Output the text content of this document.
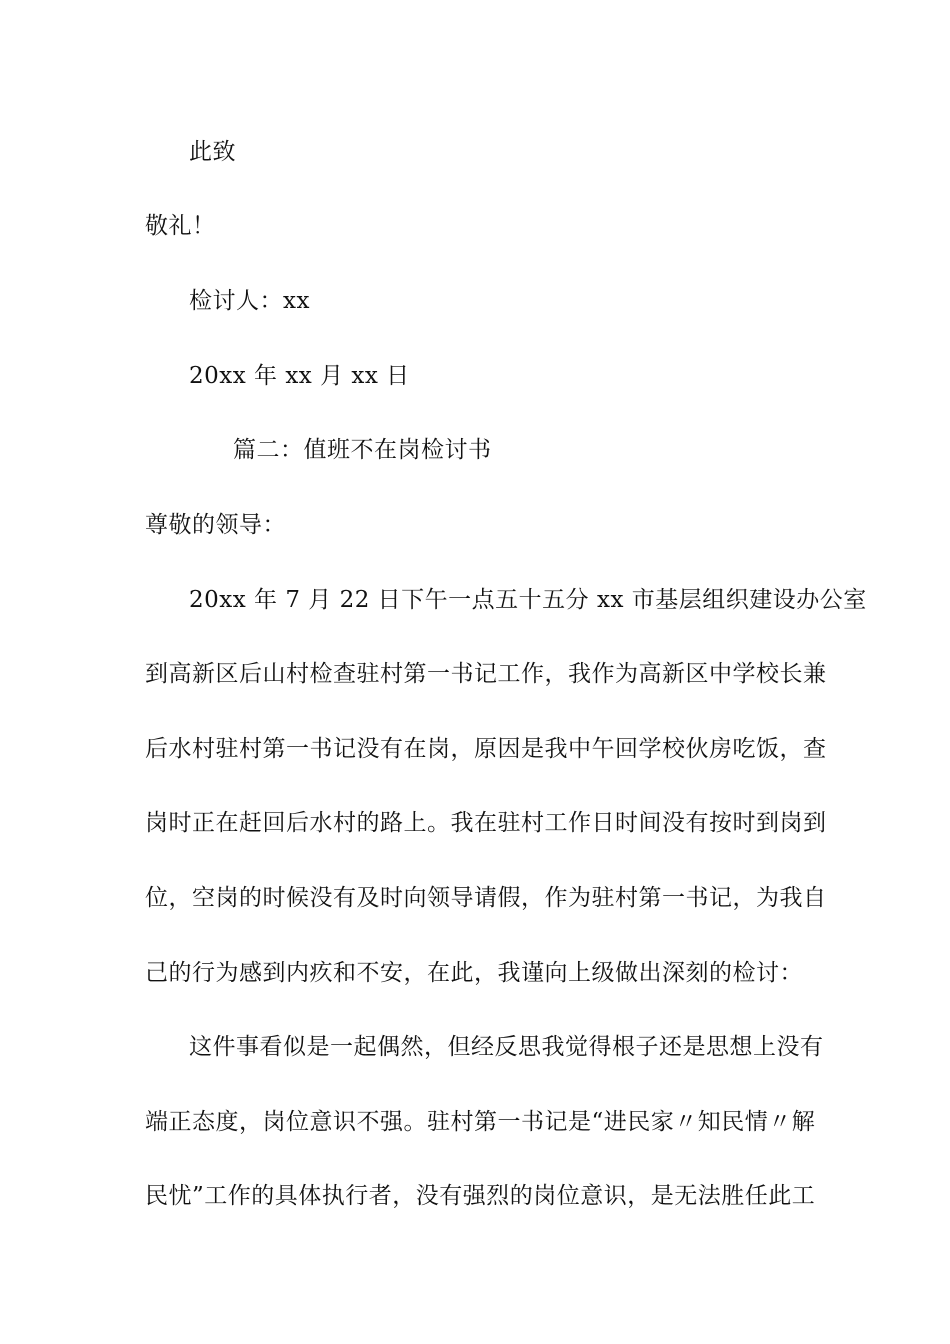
此致
敬礼！
检讨人：xx
20xx 年 xx 月 xx 日
篇二：值班不在岗检讨书
尊敬的领导：
20xx 年 7 月 22 日下午一点五十五分 xx 市基层组织建设办公室
到高新区后山村检查驻村第一书记工作，我作为高新区中学校长兼
后水村驻村第一书记没有在岗，原因是我中午回学校伙房吃饭，查
岗时正在赶回后水村的路上。我在驻村工作日时间没有按时到岗到
位，空岗的时候没有及时向领导请假，作为驻村第一书记，为我自
己的行为感到内疚和不安，在此，我谨向上级做出深刻的检讨：
这件事看似是一起偶然，但经反思我觉得根子还是思想上没有
端正态度，岗位意识不强。驻村第一书记是“进民家〃知民情〃解
民忧”工作的具体执行者，没有强烈的岗位意识，是无法胜任此工
